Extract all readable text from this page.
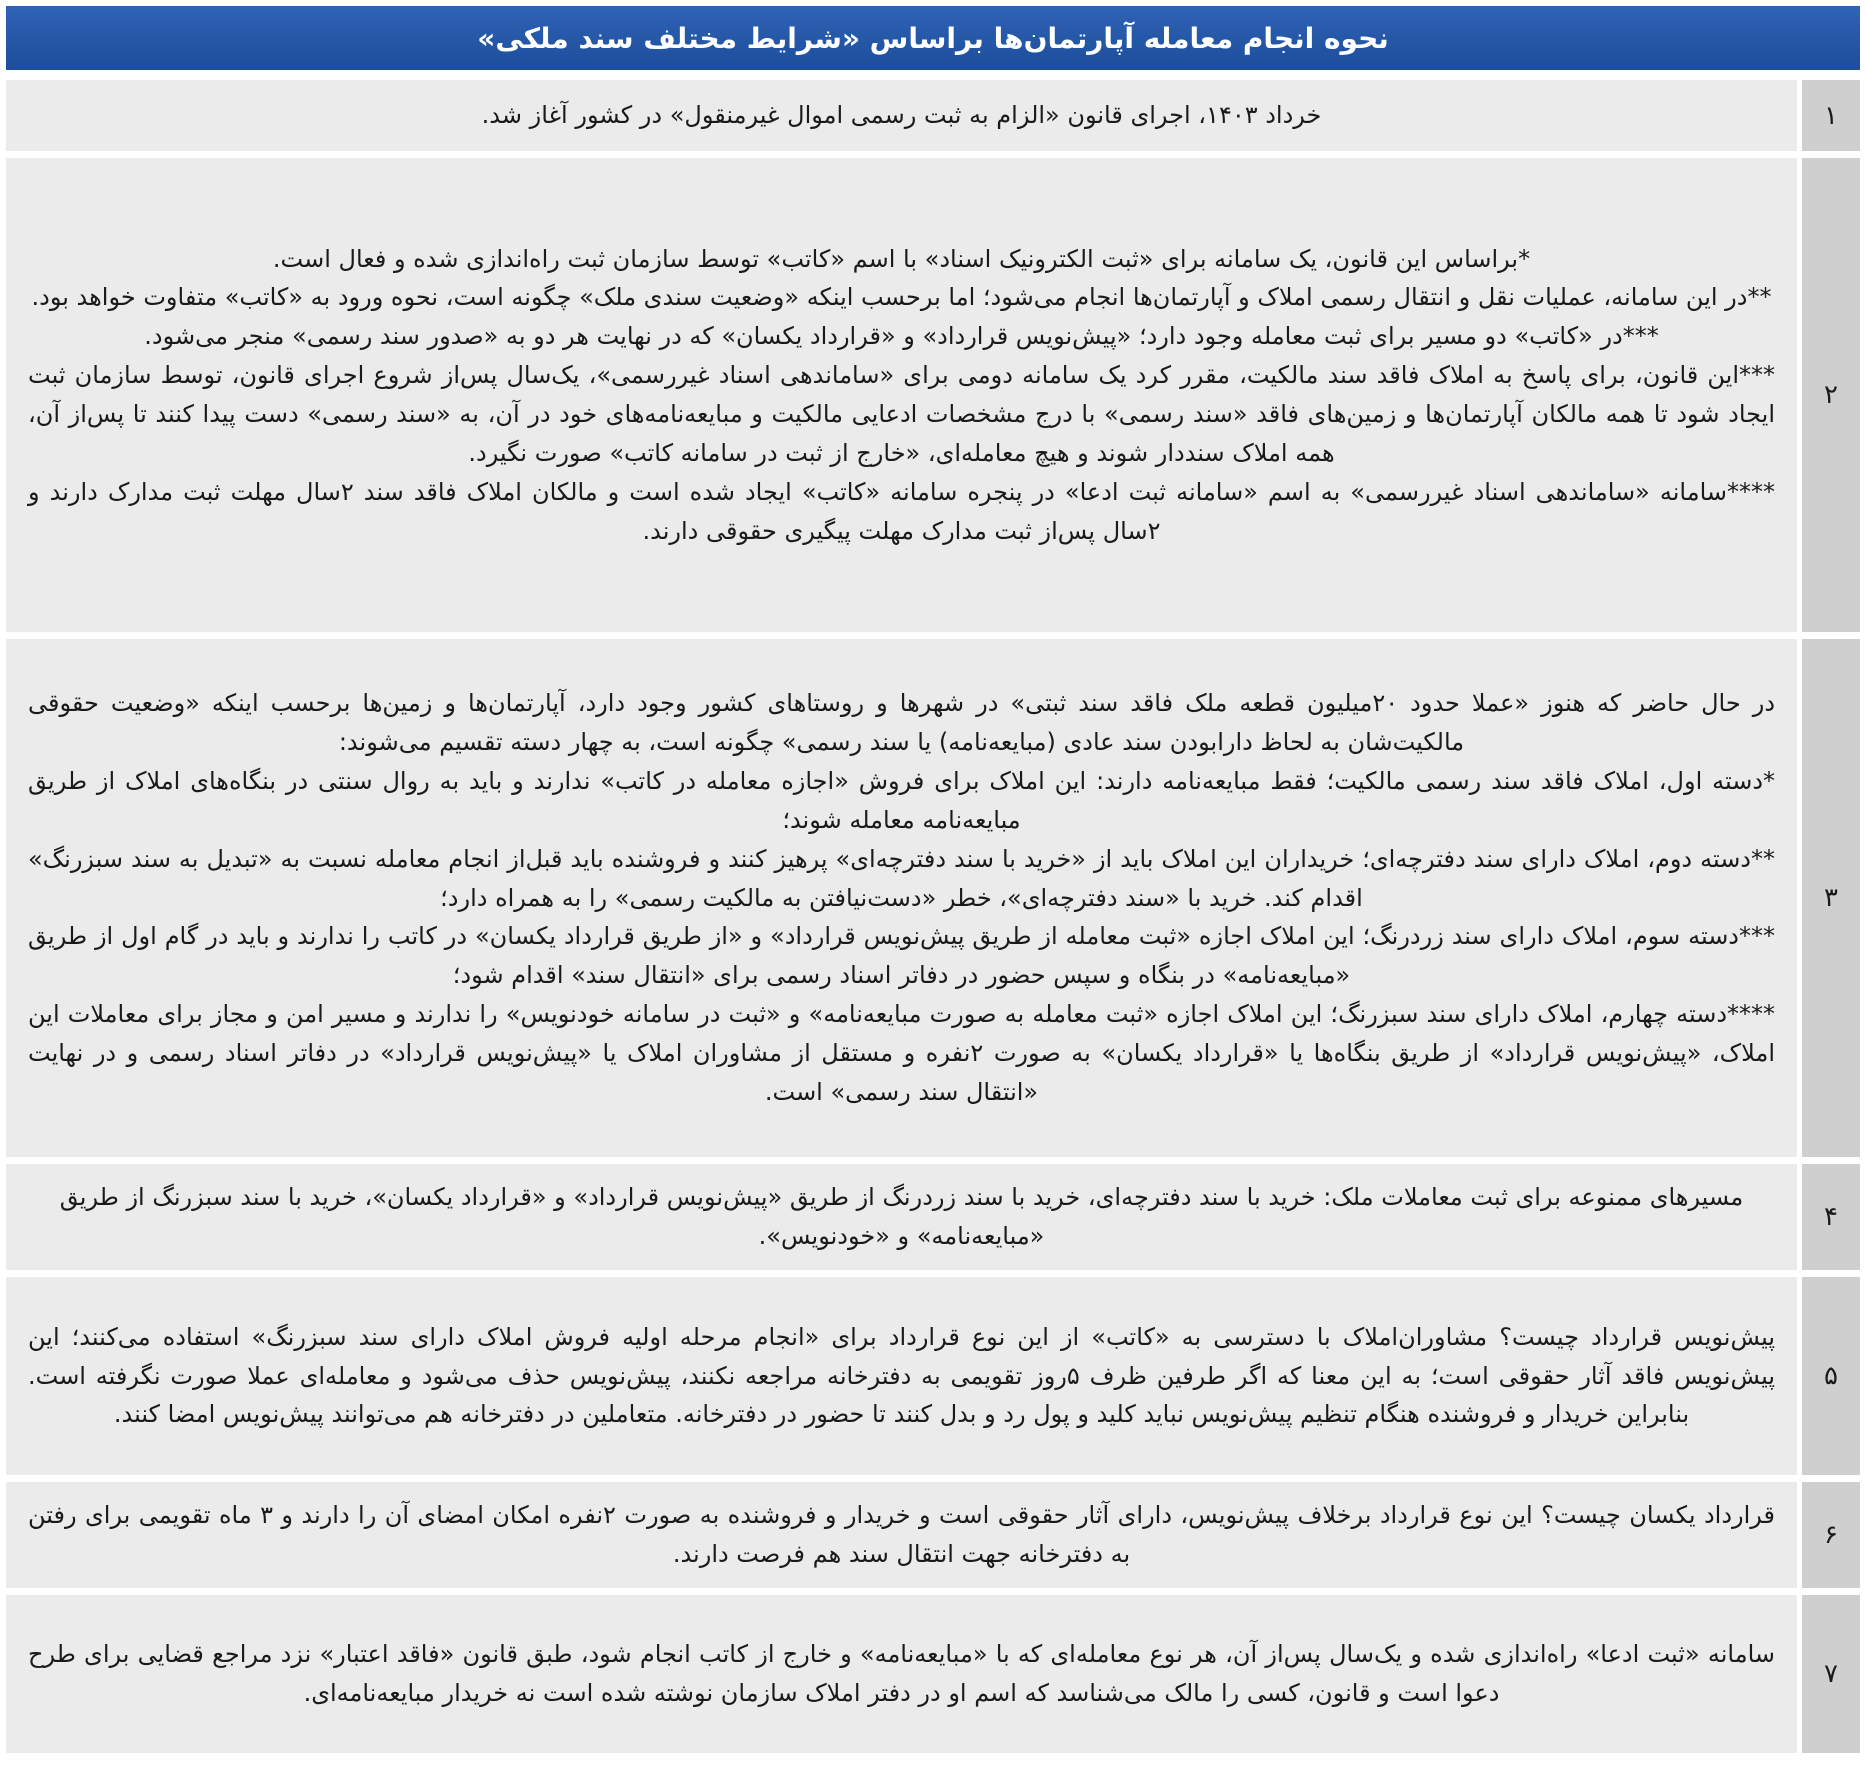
نحوه انجام معامله آپارتمان‌ها براساس «شرایط مختلف سند ملکی»
خرداد ۱۴۰۳، اجرای قانون «الزام به ثبت رسمی اموال غیرمنقول» در کشور آغاز شد.	۱
*براساس این قانون، یک سامانه برای «ثبت الکترونیک اسناد» با اسم «کاتب» توسط سازمان ثبت راه‌اندازی شده و فعال است.
**در این سامانه، عملیات نقل و انتقال رسمی املاک و آپارتمان‌ها انجام می‌شود؛ اما برحسب اینکه «وضعیت سندی ملک» چگونه است، نحوه ورود به «کاتب» متفاوت خواهد بود.
***در «کاتب» دو مسیر برای ثبت معامله وجود دارد؛ «پیش‌نویس قرارداد» و «قرارداد یکسان» که در نهایت هر دو به «صدور سند رسمی» منجر می‌شود.
***این قانون، برای پاسخ به املاک فاقد سند مالکیت، مقرر کرد یک سامانه دومی برای «ساماندهی اسناد غیررسمی»، یک‌سال پس‌از شروع اجرای قانون، توسط سازمان ثبت ایجاد شود تا همه مالکان آپارتمان‌ها و زمین‌های فاقد «سند رسمی» با درج مشخصات ادعایی مالکیت و مبایعه‌نامه‌های خود در آن، به «سند رسمی» دست پیدا کنند تا پس‌از آن، همه املاک سنددار شوند و هیچ معامله‌ای، «خارج از ثبت در سامانه کاتب» صورت نگیرد.
****سامانه «ساماندهی اسناد غیررسمی» به اسم «سامانه ثبت ادعا» در پنجره سامانه «کاتب» ایجاد شده است و مالکان املاک فاقد سند ۲سال مهلت ثبت مدارک دارند و ۲سال پس‌از ثبت مدارک مهلت پیگیری حقوقی دارند.
۲
در حال حاضر که هنوز «عملا حدود ۲۰میلیون قطعه ملک فاقد سند ثبتی» در شهرها و روستاهای کشور وجود دارد، آپارتمان‌ها و زمین‌ها برحسب اینکه «وضعیت حقوقی مالکیت‌شان به لحاظ دارابودن سند عادی (مبایعه‌نامه) یا سند رسمی» چگونه است، به چهار دسته تقسیم می‌شوند:
*دسته اول، املاک فاقد سند رسمی مالکیت؛ فقط مبایعه‌نامه دارند: این املاک برای فروش «اجازه معامله در کاتب» ندارند و باید به روال سنتی در بنگاه‌های املاک از طریق مبایعه‌نامه معامله شوند؛
**دسته دوم، املاک دارای سند دفترچه‌ای؛ خریداران این املاک باید از «خرید با سند دفترچه‌ای» پرهیز کنند و فروشنده باید قبل‌از انجام معامله نسبت به «تبدیل به سند سبزرنگ» اقدام کند. خرید با «سند دفترچه‌ای»، خطر «دست‌نیافتن به مالکیت رسمی» را به همراه دارد؛
***دسته سوم، املاک دارای سند زردرنگ؛ این املاک اجازه «ثبت معامله از طریق پیش‌نویس قرارداد» و «از طریق قرارداد یکسان» در کاتب را ندارند و باید در گام اول از طریق «مبایعه‌نامه» در بنگاه و سپس حضور در دفاتر اسناد رسمی برای «انتقال سند» اقدام شود؛
****دسته چهارم، املاک دارای سند سبزرنگ؛ این املاک اجازه «ثبت معامله به صورت مبایعه‌نامه» و «ثبت در سامانه خودنویس» را ندارند و مسیر امن و مجاز برای معاملات این املاک، «پیش‌نویس قرارداد» از طریق بنگاه‌ها یا «قرارداد یکسان» به صورت ۲نفره و مستقل از مشاوران املاک یا «پیش‌نویس قرارداد» در دفاتر اسناد رسمی و در نهایت «انتقال سند رسمی» است.
۳
مسیرهای ممنوعه برای ثبت معاملات ملک: خرید با سند دفترچه‌ای، خرید با سند زردرنگ از طریق «پیش‌نویس قرارداد» و «قرارداد یکسان»، خرید با سند سبزرنگ از طریق «مبایعه‌نامه» و «خودنویس».
۴
پیش‌نویس قرارداد چیست؟ مشاوران‌املاک با دسترسی به «کاتب» از این نوع قرارداد برای «انجام مرحله اولیه فروش املاک دارای سند سبزرنگ» استفاده می‌کنند؛ این پیش‌نویس فاقد آثار حقوقی است؛ به این معنا که اگر طرفین ظرف ۵روز تقویمی به دفترخانه مراجعه نکنند، پیش‌نویس حذف می‌شود و معامله‌ای عملا صورت نگرفته است. بنابراین خریدار و فروشنده هنگام تنظیم پیش‌نویس نباید کلید و پول رد و بدل کنند تا حضور در دفترخانه. متعاملین در دفترخانه هم می‌توانند پیش‌نویس امضا کنند.
۵
قرارداد یکسان چیست؟ این نوع قرارداد برخلاف پیش‌نویس، دارای آثار حقوقی است و خریدار و فروشنده به صورت ۲نفره امکان امضای آن را دارند و ۳ ماه تقویمی برای رفتن به دفترخانه جهت انتقال سند هم فرصت دارند.
۶
سامانه «ثبت ادعا» راه‌اندازی شده و یک‌سال پس‌از آن، هر نوع معامله‌ای که با «مبایعه‌نامه» و خارج از کاتب انجام شود، طبق قانون «فاقد اعتبار» نزد مراجع قضایی برای طرح دعوا است و قانون، کسی را مالک می‌شناسد که اسم او در دفتر املاک سازمان نوشته شده است نه خریدار مبایعه‌نامه‌ای.
۷
